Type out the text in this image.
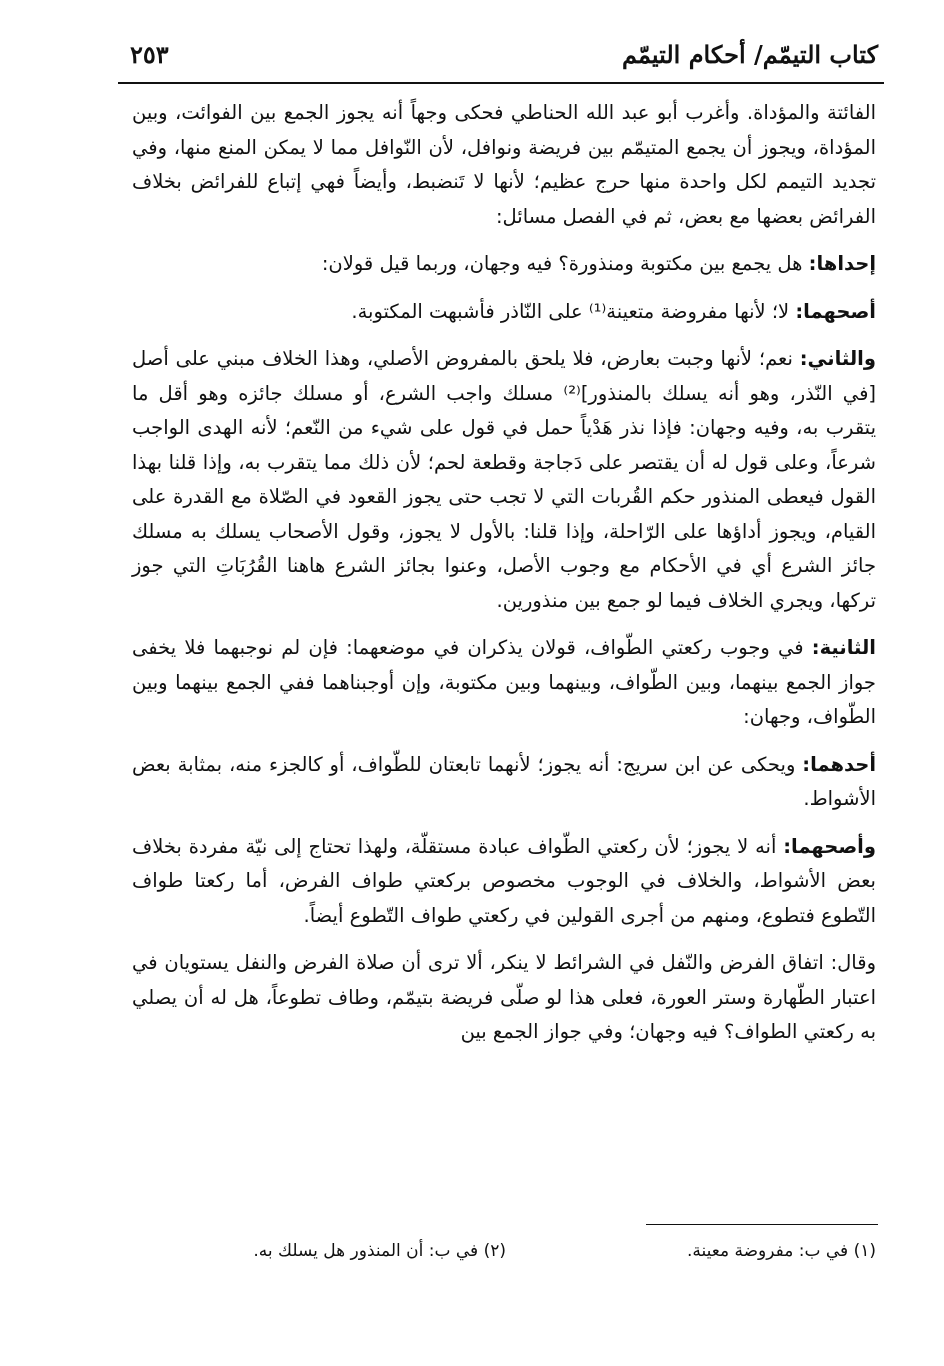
كتاب التيمّم/ أحكام التيمّم
٢٥٣

الفائتة والمؤداة. وأغرب أبو عبد الله الحناطي فحكى وجهاً أنه يجوز الجمع بين الفوائت، وبين المؤداة، ويجوز أن يجمع المتيمّم بين فريضة ونوافل، لأن النّوافل مما لا يمكن المنع منها، وفي تجديد التيمم لكل واحدة منها حرج عظيم؛ لأنها لا تَنضبط، وأيضاً فهي إتباع للفرائض بخلاف الفرائض بعضها مع بعض، ثم في الفصل مسائل:

إحداها: هل يجمع بين مكتوبة ومنذورة؟ فيه وجهان، وربما قيل قولان:

أصحهما: لا؛ لأنها مفروضة متعينة⁽¹⁾ على النّاذر فأشبهت المكتوبة.

والثاني: نعم؛ لأنها وجبت بعارض، فلا يلحق بالمفروض الأصلي، وهذا الخلاف مبني على أصل [في النّذر، وهو أنه يسلك بالمنذور]⁽²⁾ مسلك واجب الشرع، أو مسلك جائزه وهو أقل ما يتقرب به، وفيه وجهان: فإذا نذر هَدْياً حمل في قول على شيء من النّعم؛ لأنه الهدى الواجب شرعاً، وعلى قول له أن يقتصر على دَجاجة وقطعة لحم؛ لأن ذلك مما يتقرب به، وإذا قلنا بهذا القول فيعطى المنذور حكم القُربات التي لا تجب حتى يجوز القعود في الصّلاة مع القدرة على القيام، ويجوز أداؤها على الرّاحلة، وإذا قلنا: بالأول لا يجوز، وقول الأصحاب يسلك به مسلك جائز الشرع أي في الأحكام مع وجوب الأصل، وعنوا بجائز الشرع هاهنا القُرُبَاتِ التي جوز تركها، ويجري الخلاف فيما لو جمع بين منذورين.

الثانية: في وجوب ركعتي الطّواف، قولان يذكران في موضعهما: فإن لم نوجبهما فلا يخفى جواز الجمع بينهما، وبين الطّواف، وبينهما وبين مكتوبة، وإن أوجبناهما ففي الجمع بينهما وبين الطّواف، وجهان:

أحدهما: ويحكى عن ابن سريج: أنه يجوز؛ لأنهما تابعتان للطّواف، أو كالجزء منه، بمثابة بعض الأشواط.

وأصحهما: أنه لا يجوز؛ لأن ركعتي الطّواف عبادة مستقلّة، ولهذا تحتاج إلى نيّة مفردة بخلاف بعض الأشواط، والخلاف في الوجوب مخصوص بركعتي طواف الفرض، أما ركعتا طواف التّطوع فتطوع، ومنهم من أجرى القولين في ركعتي طواف التّطوع أيضاً.

وقال: اتفاق الفرض والنّفل في الشرائط لا ينكر، ألا ترى أن صلاة الفرض والنفل يستويان في اعتبار الطّهارة وستر العورة، فعلى هذا لو صلّى فريضة بتيمّم، وطاف تطوعاً، هل له أن يصلي به ركعتي الطواف؟ فيه وجهان؛ وفي جواز الجمع بين

(١) في ب: مفروضة معينة.
(٢) في ب: أن المنذور هل يسلك به.
